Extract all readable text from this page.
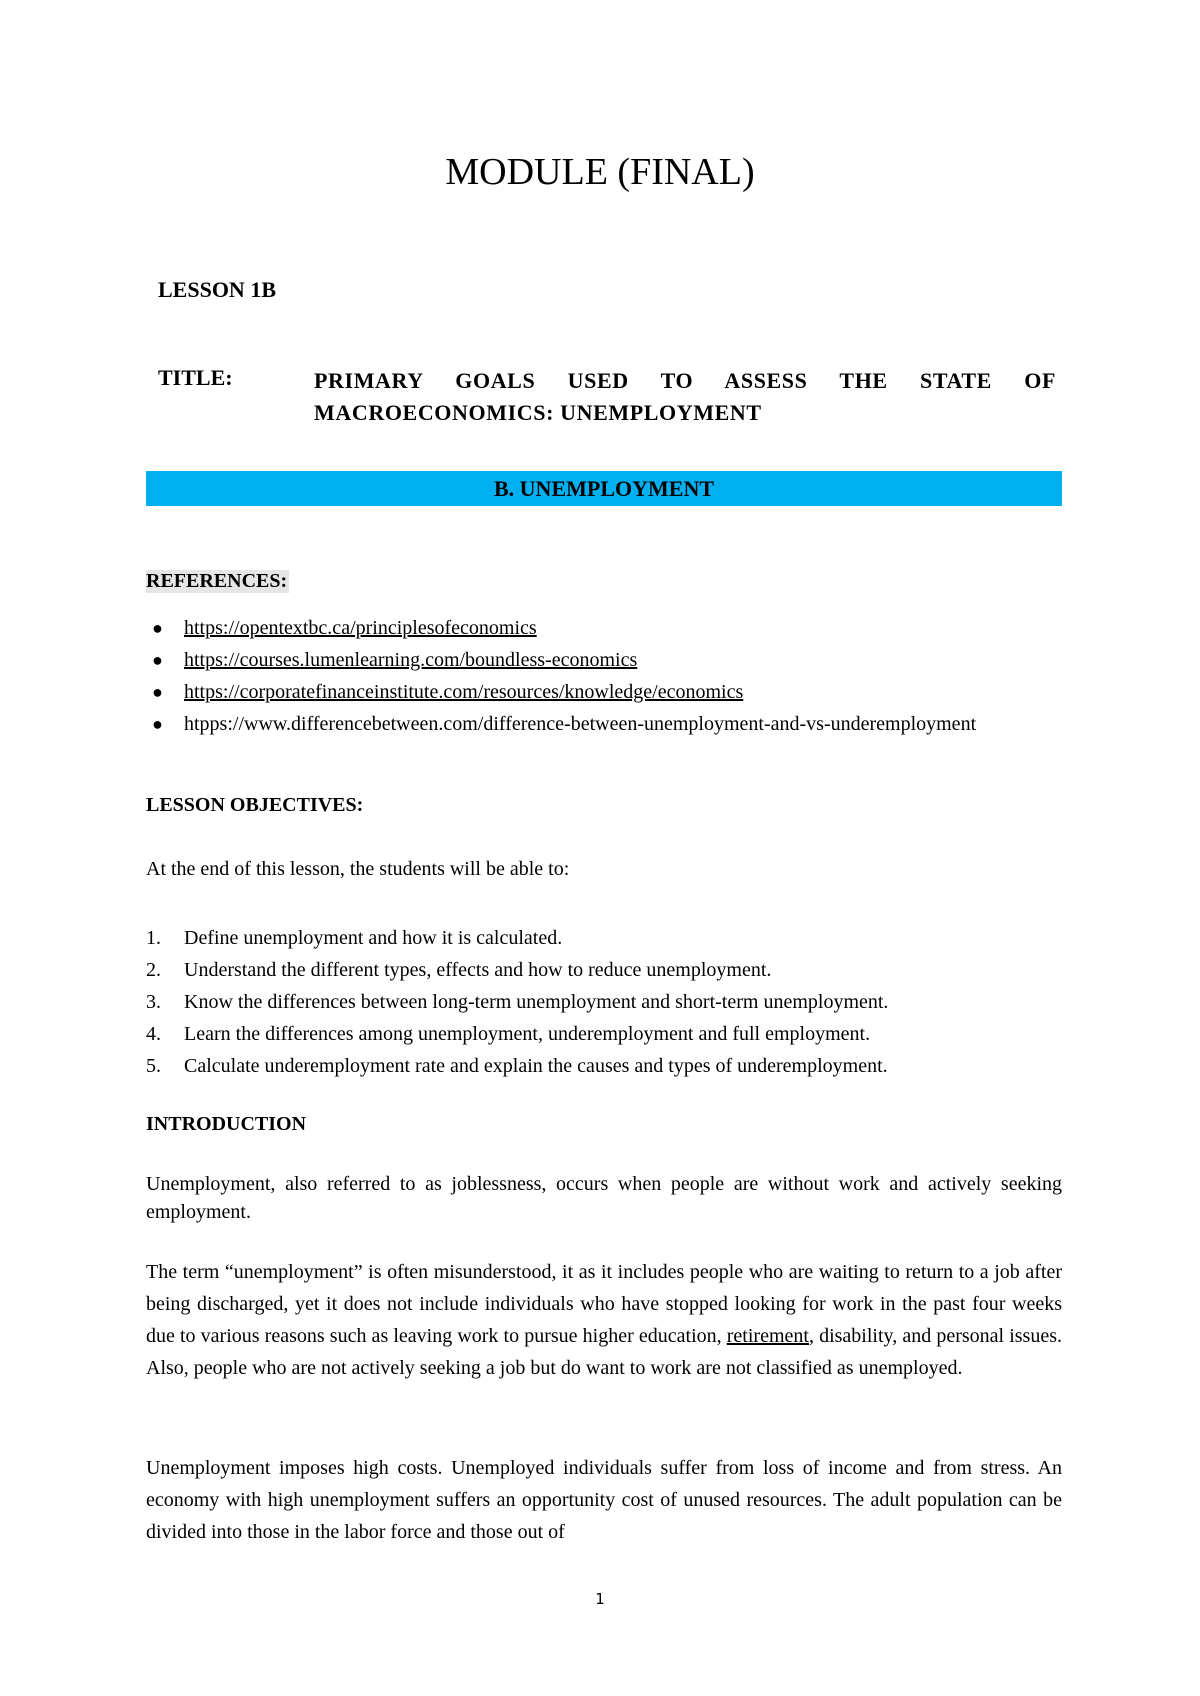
MODULE (FINAL)
LESSON 1B
TITLE:	PRIMARY GOALS USED TO ASSESS THE STATE OF MACROECONOMICS: UNEMPLOYMENT
B. UNEMPLOYMENT
REFERENCES:
● https://opentextbc.ca/principlesofeconomics
● https://courses.lumenlearning.com/boundless-economics
● https://corporatefinanceinstitute.com/resources/knowledge/economics
● htpps://www.differencebetween.com/difference-between-unemployment-and-vs-underemployment
LESSON OBJECTIVES:
At the end of this lesson, the students will be able to:
1. Define unemployment and how it is calculated.
2. Understand the different types, effects and how to reduce unemployment.
3. Know the differences between long-term unemployment and short-term unemployment.
4. Learn the differences among unemployment, underemployment and full employment.
5. Calculate underemployment rate and explain the causes and types of underemployment.
INTRODUCTION
Unemployment, also referred to as joblessness, occurs when people are without work and actively seeking employment.
The term “unemployment” is often misunderstood, it as it includes people who are waiting to return to a job after being discharged, yet it does not include individuals who have stopped looking for work in the past four weeks due to various reasons such as leaving work to pursue higher education, retirement, disability, and personal issues. Also, people who are not actively seeking a job but do want to work are not classified as unemployed.
Unemployment imposes high costs. Unemployed individuals suffer from loss of income and from stress. An economy with high unemployment suffers an opportunity cost of unused resources. The adult population can be divided into those in the labor force and those out of
1
